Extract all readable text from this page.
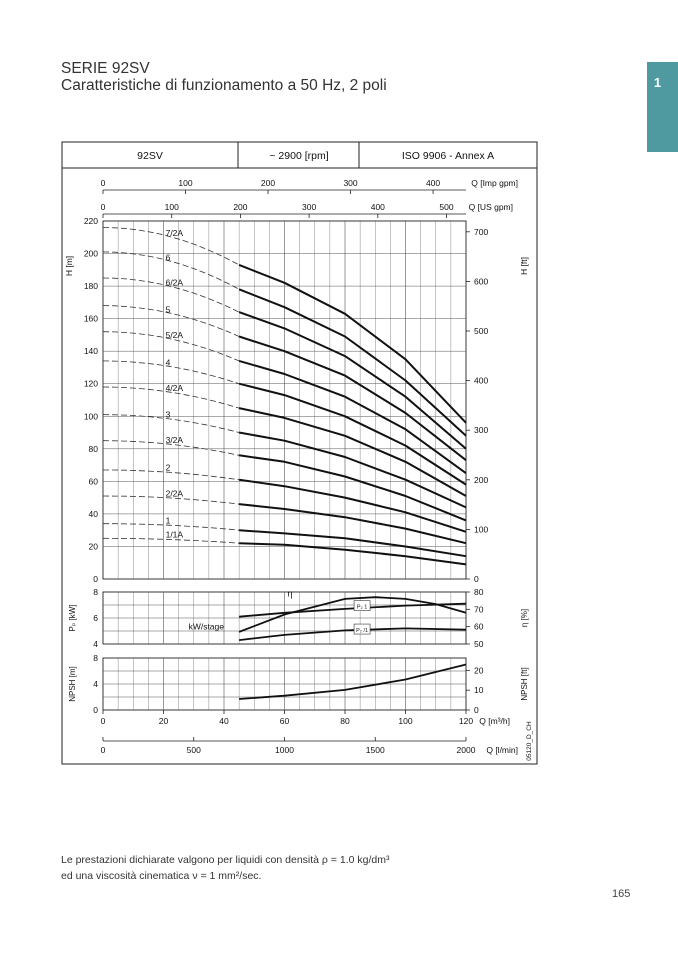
SERIE 92SV
Caratteristiche di funzionamento a 50 Hz, 2 poli	1
92SV	~ 2900 [rpm]	ISO 9906 - Annex A
0	100	200	300	400	Q [Imp gpm]
0	100	200	300	400	500 Q [US gpm]
0
20
40
60
80
100
120
140
160
180
200
220
H [m]
0
100
200
300
400
500
600
700
H [ft]
7/2A
6
6/2A
5
5/2A
4
4/2A
3
3/2A
2
2/2A
1
1/1A
4
6
8
50
60
70
80
Pₚ [kW]	η [%]
η
kW/stage
P₂ 1
P₂ /1
0
4
8
0
10
20
NPSH [m]	NPSH [ft]
0	20	40	60	80	100	120 Q [m³/h]
0	500	1000	1500	2000 Q [l/min] 05120_D_CH
Le prestazioni dichiarate valgono per liquidi con densità ρ = 1.0 kg/dm³
ed una viscosità cinematica ν = 1 mm²/sec.
165
